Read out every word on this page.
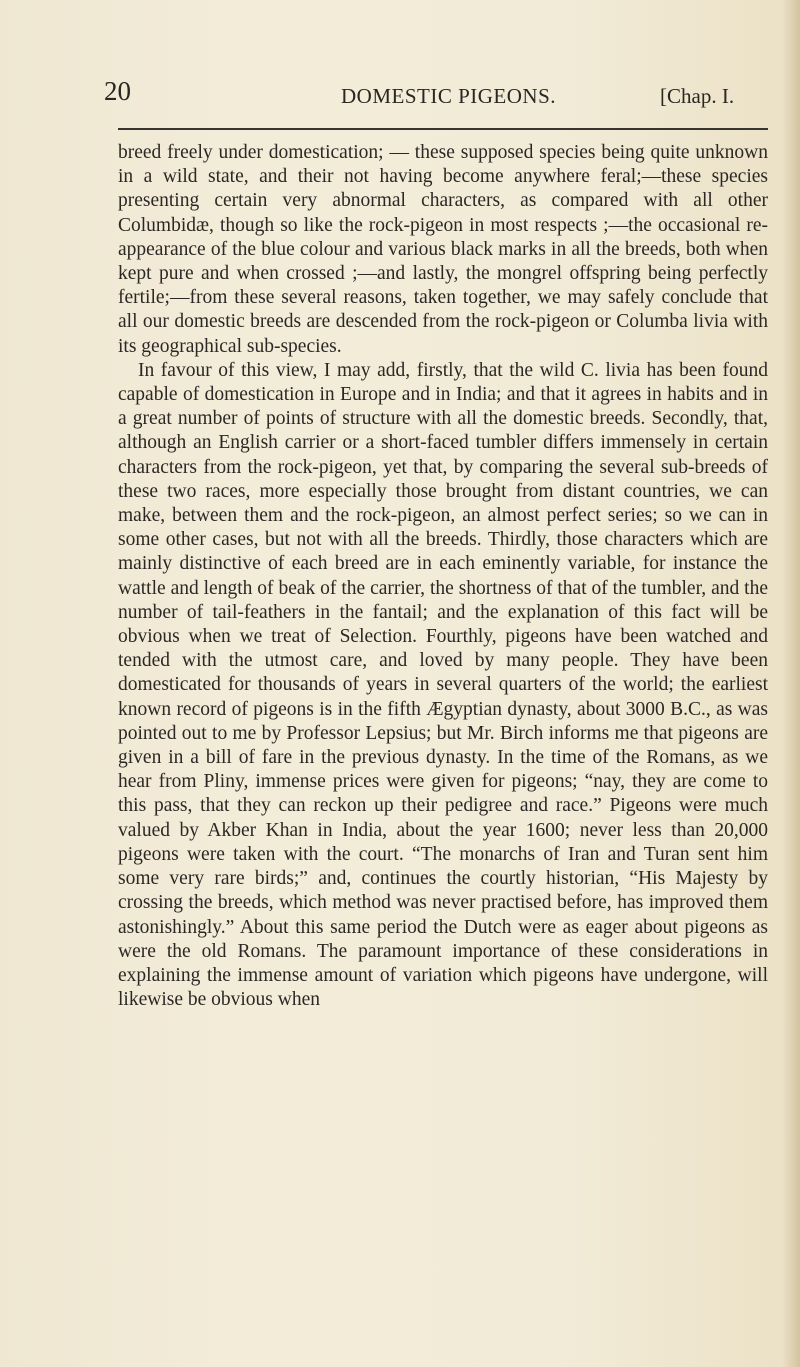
20	DOMESTIC PIGEONS.	[Chap. I.

breed freely under domestication; — these supposed species being quite unknown in a wild state, and their not having become anywhere feral;—these species presenting certain very abnormal characters, as compared with all other Columbidæ, though so like the rock-pigeon in most respects ;—the occasional re-appearance of the blue colour and various black marks in all the breeds, both when kept pure and when crossed ;—and lastly, the mongrel offspring being perfectly fertile;—from these several reasons, taken together, we may safely conclude that all our domestic breeds are descended from the rock-pigeon or Columba livia with its geographical sub-species.

In favour of this view, I may add, firstly, that the wild C. livia has been found capable of domestication in Europe and in India; and that it agrees in habits and in a great number of points of structure with all the domestic breeds. Secondly, that, although an English carrier or a short-faced tumbler differs immensely in certain characters from the rock-pigeon, yet that, by comparing the several sub-breeds of these two races, more especially those brought from distant countries, we can make, between them and the rock-pigeon, an almost perfect series; so we can in some other cases, but not with all the breeds. Thirdly, those characters which are mainly distinctive of each breed are in each eminently variable, for instance the wattle and length of beak of the carrier, the shortness of that of the tumbler, and the number of tail-feathers in the fantail; and the explanation of this fact will be obvious when we treat of Selection. Fourthly, pigeons have been watched and tended with the utmost care, and loved by many people. They have been domesticated for thousands of years in several quarters of the world; the earliest known record of pigeons is in the fifth Ægyptian dynasty, about 3000 B.C., as was pointed out to me by Professor Lepsius; but Mr. Birch informs me that pigeons are given in a bill of fare in the previous dynasty. In the time of the Romans, as we hear from Pliny, immense prices were given for pigeons; “nay, they are come to this pass, that they can reckon up their pedigree and race.” Pigeons were much valued by Akber Khan in India, about the year 1600; never less than 20,000 pigeons were taken with the court. “The monarchs of Iran and Turan sent him some very rare birds;” and, continues the courtly historian, “His Majesty by crossing the breeds, which method was never practised before, has improved them astonishingly.” About this same period the Dutch were as eager about pigeons as were the old Romans. The paramount importance of these considerations in explaining the immense amount of variation which pigeons have undergone, will likewise be obvious when
